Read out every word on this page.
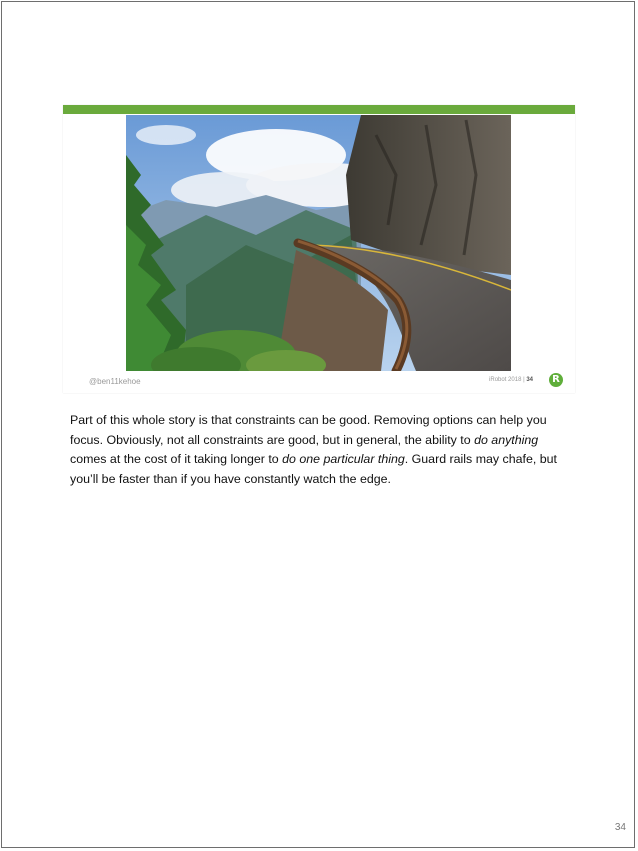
@ben11kehoe	iRobot 2018 | 34	R
Part of this whole story is that constraints can be good. Removing options can help you focus. Obviously, not all constraints are good, but in general, the ability to do anything comes at the cost of it taking longer to do one particular thing. Guard rails may chafe, but you’ll be faster than if you have constantly watch the edge.
34
